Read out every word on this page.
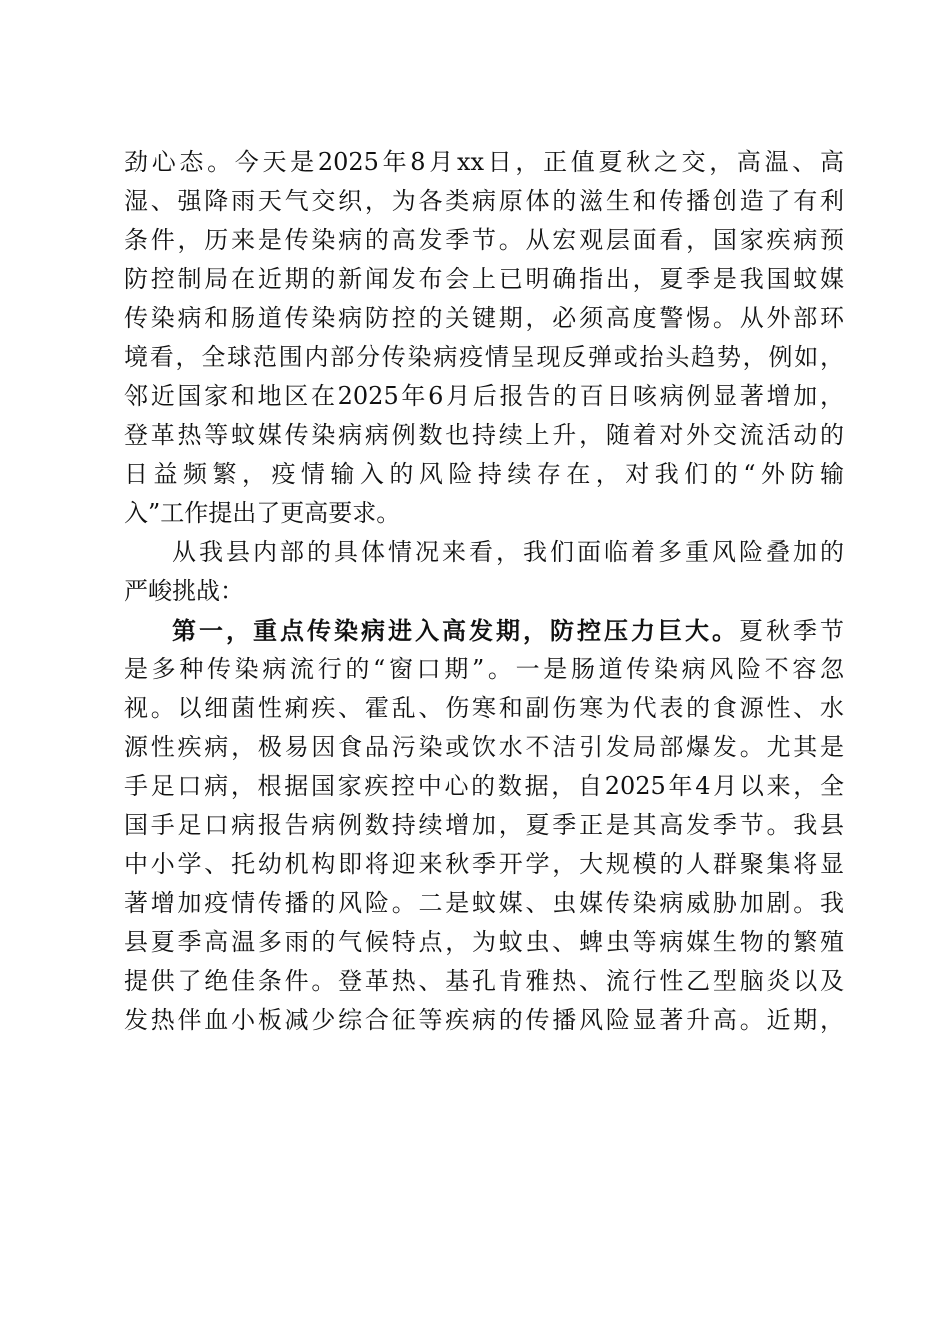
劲心态。今天是2025年8月xx日，正值夏秋之交，高温、高
湿、强降雨天气交织，为各类病原体的滋生和传播创造了有利
条件，历来是传染病的高发季节。从宏观层面看，国家疾病预
防控制局在近期的新闻发布会上已明确指出，夏季是我国蚊媒
传染病和肠道传染病防控的关键期，必须高度警惕。从外部环
境看，全球范围内部分传染病疫情呈现反弹或抬头趋势，例如，
邻近国家和地区在2025年6月后报告的百日咳病例显著增加，
登革热等蚊媒传染病病例数也持续上升，随着对外交流活动的
日益频繁，疫情输入的风险持续存在，对我们的“外防输
入”工作提出了更高要求。
从我县内部的具体情况来看，我们面临着多重风险叠加的
严峻挑战：
第一，重点传染病进入高发期，防控压力巨大。夏秋季节
是多种传染病流行的“窗口期”。一是肠道传染病风险不容忽
视。以细菌性痢疾、霍乱、伤寒和副伤寒为代表的食源性、水
源性疾病，极易因食品污染或饮水不洁引发局部爆发。尤其是
手足口病，根据国家疾控中心的数据，自2025年4月以来，全
国手足口病报告病例数持续增加，夏季正是其高发季节。我县
中小学、托幼机构即将迎来秋季开学，大规模的人群聚集将显
著增加疫情传播的风险。二是蚊媒、虫媒传染病威胁加剧。我
县夏季高温多雨的气候特点，为蚊虫、蜱虫等病媒生物的繁殖
提供了绝佳条件。登革热、基孔肯雅热、流行性乙型脑炎以及
发热伴血小板减少综合征等疾病的传播风险显著升高。近期，
